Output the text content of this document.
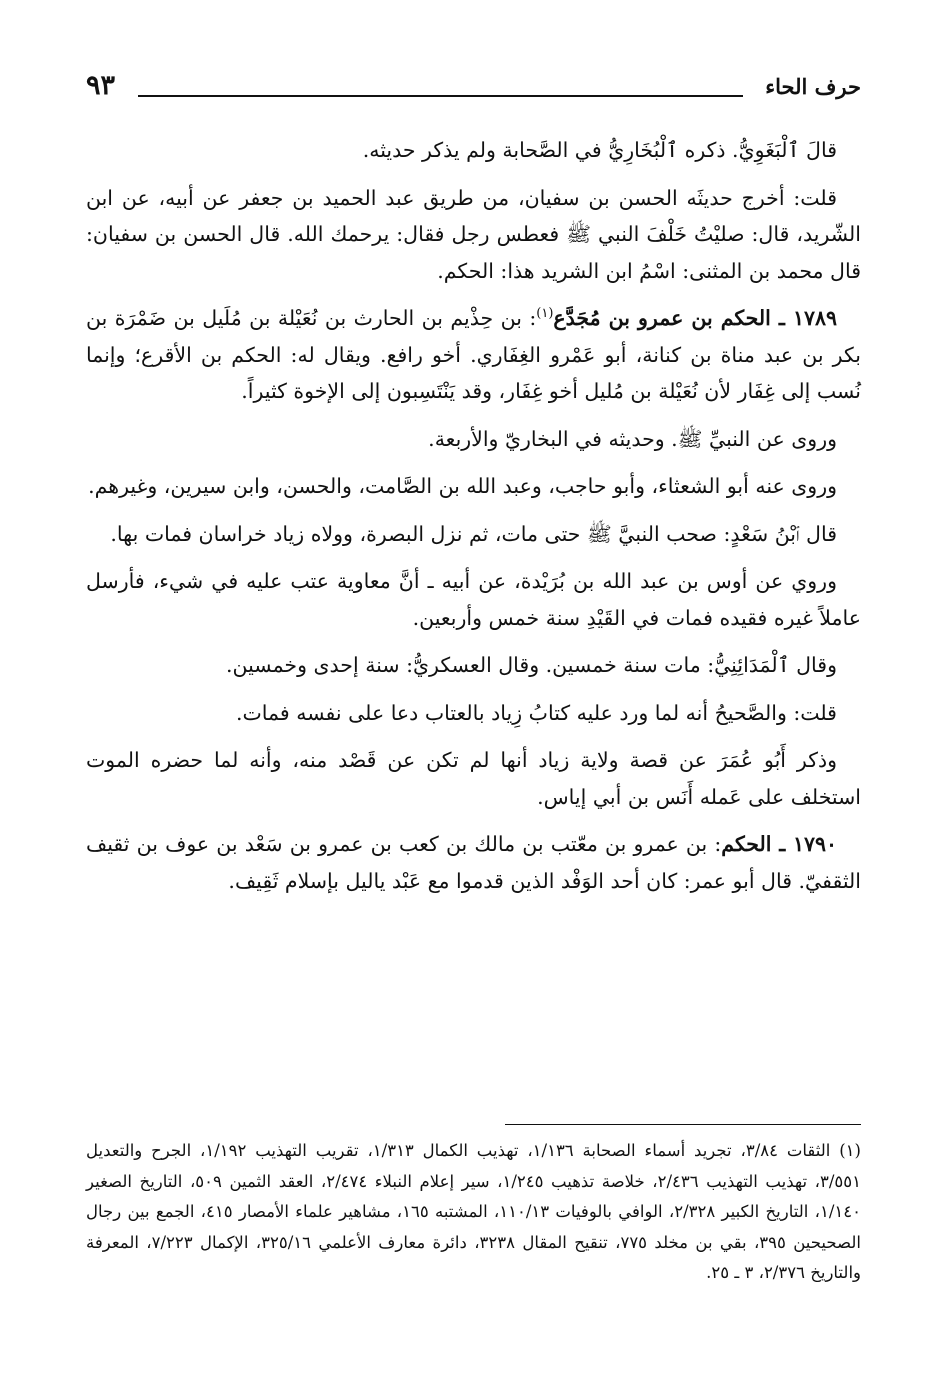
حرف الحاء
٩٣

قالَ ٱلْبَغَوِيُّ. ذكره ٱلْبُخَارِيُّ في الصَّحابة ولم يذكر حديثه.

قلت: أخرج حديثَه الحسن بن سفيان، من طريق عبد الحميد بن جعفر عن أبيه، عن ابن الشّريد، قال: صليْتُ خَلْفَ النبي ﷺ فعطس رجل فقال: يرحمك الله. قال الحسن بن سفيان: قال محمد بن المثنى: اسْمُ ابن الشريد هذا: الحكم.

١٧٨٩ ـ الحكم بن عمرو بن مُجَدَّع$^{(١)}$: بن حِذْيم بن الحارث بن نُعَيْلة بن مُلَيل بن ضَمْرَة بن بكر بن عبد مناة بن كنانة، أبو عَمْرو الغِفَاري. أخو رافع. ويقال له: الحكم بن الأقرع؛ وإنما نُسب إلى غِفَار لأن نُعَيْلة بن مُليل أخو غِفَار، وقد يَنْتَسِبون إلى الإخوة كثيراً.

وروى عن النبيِّ ﷺ. وحديثه في البخاريّ والأربعة.

وروى عنه أبو الشعثاء، وأبو حاجب، وعبد الله بن الصَّامت، والحسن، وابن سيرين، وغيرهم.

قال ٱبْنُ سَعْدٍ: صحب النبيَّ ﷺ حتى مات، ثم نزل البصرة، وولاه زياد خراسان فمات بها.

وروي عن أوس بن عبد الله بن بُرَيْدة، عن أبيه ـ أنَّ معاوية عتب عليه في شيء، فأرسل عاملاً غيره فقيده فمات في القَيْدِ سنة خمس وأربعين.

وقال ٱلْمَدَائِنِيُّ: مات سنة خمسين. وقال العسكريُّ: سنة إحدى وخمسين.

قلت: والصَّحيحُ أنه لما ورد عليه كتابُ زِياد بالعتاب دعا على نفسه فمات.

وذكر أَبُو عُمَرَ عن قصة ولاية زياد أنها لم تكن عن قَصْد منه، وأنه لما حضره الموت استخلف على عَمله أَنَس بن أبي إياس.

١٧٩٠ ـ الحكم: بن عمرو بن معّتب بن مالك بن كعب بن عمرو بن سَعْد بن عوف بن ثقيف الثقفيّ. قال أبو عمر: كان أحد الوَفْد الذين قدموا مع عَبْد ياليل بإسلام ثَقِيف.

(١) الثقات ٣/٨٤، تجريد أسماء الصحابة ١/١٣٦، تهذيب الكمال ١/٣١٣، تقريب التهذيب ١/١٩٢، الجرح والتعديل ٣/٥٥١، تهذيب التهذيب ٢/٤٣٦، خلاصة تذهيب ١/٢٤٥، سير إعلام النبلاء ٢/٤٧٤، العقد الثمين ٥٠٩، التاريخ الصغير ١/١٤٠، التاريخ الكبير ٢/٣٢٨، الوافي بالوفيات ١١٠/١٣، المشتبه ١٦٥، مشاهير علماء الأمصار ٤١٥، الجمع بين رجال الصحيحين ٣٩٥، بقي بن مخلد ٧٧٥، تنقيح المقال ٣٢٣٨، دائرة معارف الأعلمي ٣٢٥/١٦، الإكمال ٧/٢٢٣، المعرفة والتاريخ ٢/٣٧٦، ٣ ـ ٢٥.
